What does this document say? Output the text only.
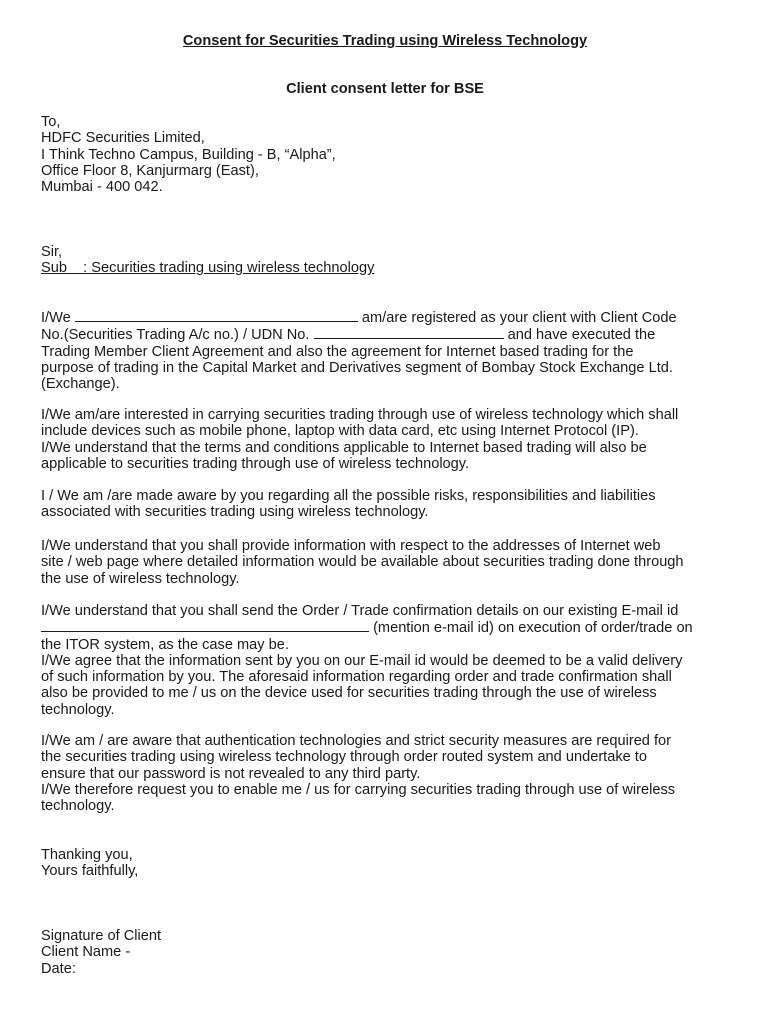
Consent for Securities Trading using Wireless Technology
Client consent letter for BSE
To,
HDFC Securities Limited,
I Think Techno Campus, Building - B, “Alpha”,
Office Floor 8, Kanjurmarg (East),
Mumbai - 400 042.
Sir,
Sub    : Securities trading using wireless technology
I/We	am/are registered as your client with Client Code
No.(Securities Trading A/c no.) / UDN No.	and have executed the
Trading Member Client Agreement and also the agreement for Internet based trading for the
purpose of trading in the Capital Market and Derivatives segment of Bombay Stock Exchange Ltd.
(Exchange).
I/We am/are interested in carrying securities trading through use of wireless technology which shall
include devices such as mobile phone, laptop with data card, etc using Internet Protocol (IP).
I/We understand that the terms and conditions applicable to Internet based trading will also be
applicable to securities trading through use of wireless technology.
I / We am /are made aware by you regarding all the possible risks, responsibilities and liabilities
associated with securities trading using wireless technology.
I/We understand that you shall provide information with respect to the addresses of Internet web
site / web page where detailed information would be available about securities trading done through
the use of wireless technology.
I/We understand that you shall send the Order / Trade confirmation details on our existing E-mail id
(mention e-mail id) on execution of order/trade on
the ITOR system, as the case may be.
I/We agree that the information sent by you on our E-mail id would be deemed to be a valid delivery
of such information by you. The aforesaid information regarding order and trade confirmation shall
also be provided to me / us on the device used for securities trading through the use of wireless
technology.
I/We am / are aware that authentication technologies and strict security measures are required for
the securities trading using wireless technology through order routed system and undertake to
ensure that our password is not revealed to any third party.
I/We therefore request you to enable me / us for carrying securities trading through use of wireless
technology.
Thanking you,
Yours faithfully,
Signature of Client
Client Name -
Date:
